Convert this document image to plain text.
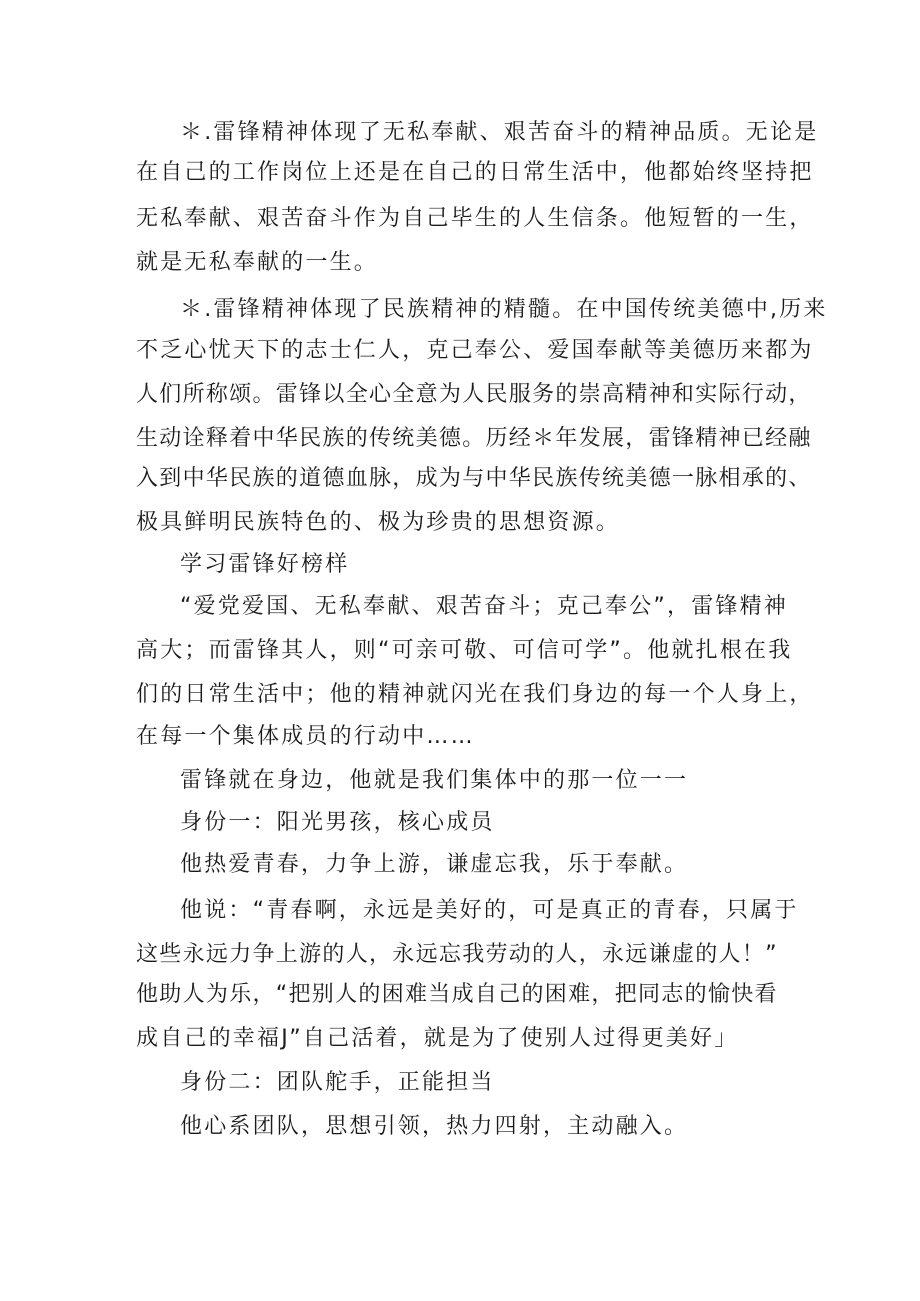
＊.雷锋精神体现了无私奉献、艰苦奋斗的精神品质。无论是
在自己的工作岗位上还是在自己的日常生活中，他都始终坚持把
无私奉献、艰苦奋斗作为自己毕生的人生信条。他短暂的一生，
就是无私奉献的一生。
＊.雷锋精神体现了民族精神的精髓。在中国传统美德中,历来
不乏心忧天下的志士仁人，克己奉公、爱国奉献等美德历来都为
人们所称颂。雷锋以全心全意为人民服务的崇高精神和实际行动，
生动诠释着中华民族的传统美德。历经＊年发展，雷锋精神已经融
入到中华民族的道德血脉，成为与中华民族传统美德一脉相承的、
极具鲜明民族特色的、极为珍贵的思想资源。
学习雷锋好榜样
“爱党爱国、无私奉献、艰苦奋斗；克己奉公”，雷锋精神
高大；而雷锋其人，则“可亲可敬、可信可学”。他就扎根在我
们的日常生活中；他的精神就闪光在我们身边的每一个人身上，
在每一个集体成员的行动中……
雷锋就在身边，他就是我们集体中的那一位一一
身份一：阳光男孩，核心成员
他热爱青春，力争上游，谦虚忘我，乐于奉献。
他说：“青春啊，永远是美好的，可是真正的青春，只属于
这些永远力争上游的人，永远忘我劳动的人，永远谦虚的人！”
他助人为乐，“把别人的困难当成自己的困难，把同志的愉快看
成自己的幸福J”自己活着，就是为了使别人过得更美好」
身份二：团队舵手，正能担当
他心系团队，思想引领，热力四射，主动融入。
